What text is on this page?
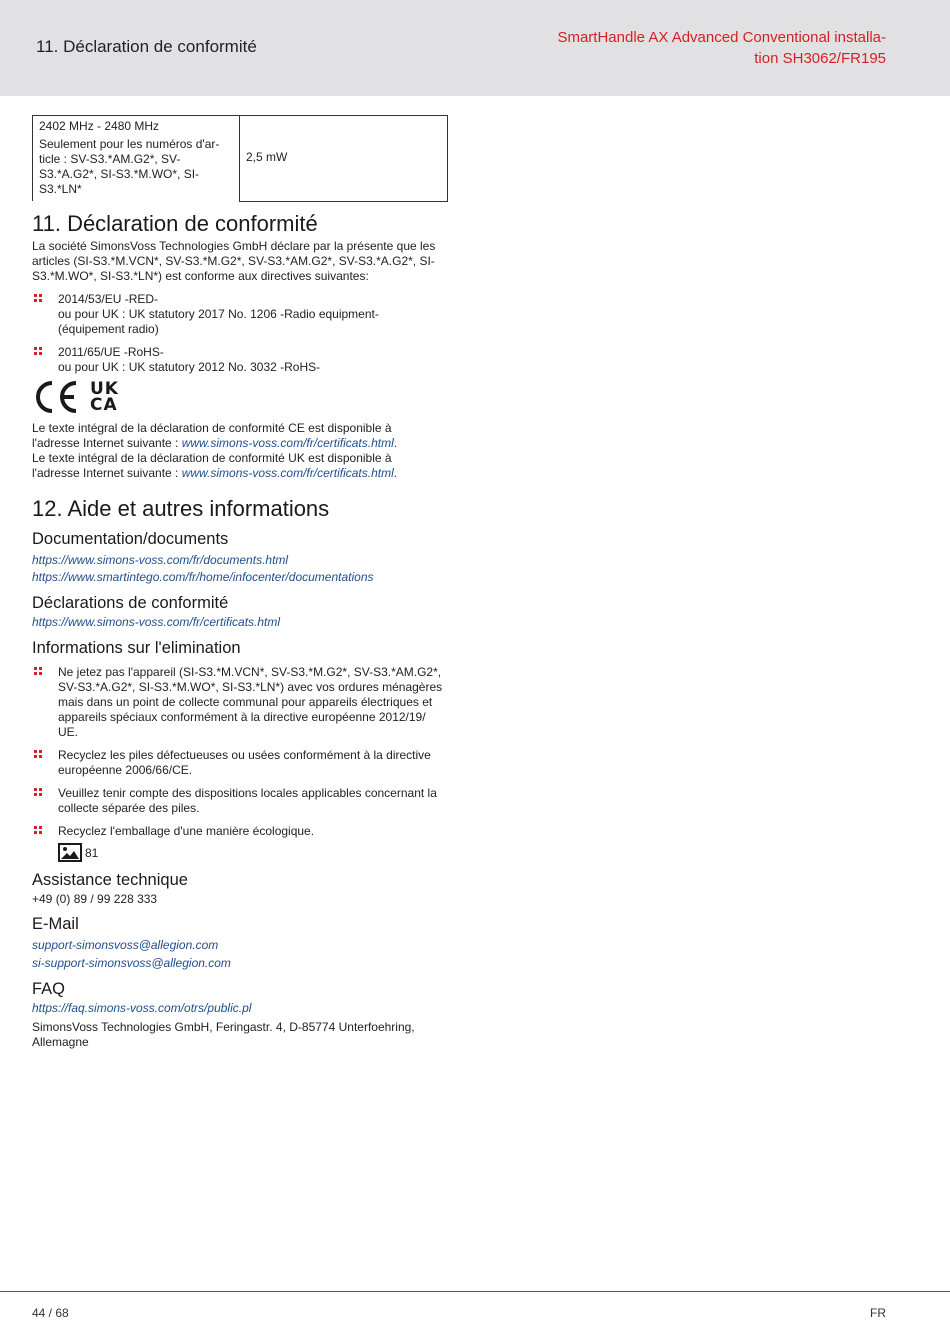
11. Déclaration de conformité	SmartHandle AX Advanced Conventional installa-
tion SH3062/FR195
2402 MHz - 2480 MHz
Seulement pour les numéros d'ar-
ticle : SV-S3.*AM.G2*, SV-
S3.*A.G2*, SI-S3.*M.WO*, SI-
S3.*LN*
	2,5 mW
11. Déclaration de conformité

La société SimonsVoss Technologies GmbH déclare par la présente que les
articles (SI-S3.*M.VCN*, SV-S3.*M.G2*, SV-S3.*AM.G2*, SV-S3.*A.G2*, SI-
S3.*M.WO*, SI-S3.*LN*) est conforme aux directives suivantes:

2014/53/EU -RED-
ou pour UK : UK statutory 2017 No. 1206 -Radio equipment-
(équipement radio)
2011/65/UE -RoHS-
ou pour UK : UK statutory 2012 No. 3032 -RoHS-
UK
CA

Le texte intégral de la déclaration de conformité CE est disponible à
l'adresse Internet suivante : www.simons-voss.com/fr/certificats.html.
Le texte intégral de la déclaration de conformité UK est disponible à
l'adresse Internet suivante : www.simons-voss.com/fr/certificats.html.

12. Aide et autres informations
Documentation/documents

https://www.simons-voss.com/fr/documents.html
https://www.smartintego.com/fr/home/infocenter/documentations

Déclarations de conformité

https://www.simons-voss.com/fr/certificats.html

Informations sur l'elimination
Ne jetez pas l'appareil (SI-S3.*M.VCN*, SV-S3.*M.G2*, SV-S3.*AM.G2*,
SV-S3.*A.G2*, SI-S3.*M.WO*, SI-S3.*LN*) avec vos ordures ménagères
mais dans un point de collecte communal pour appareils électriques et
appareils spéciaux conformément à la directive européenne 2012/19/
UE.
Recyclez les piles défectueuses ou usées conformément à la directive
européenne 2006/66/CE.
Veuillez tenir compte des dispositions locales applicables concernant la
collecte séparée des piles.
Recyclez l'emballage d'une manière écologique.
81
Assistance technique

+49 (0) 89 / 99 228 333

E-Mail

support-simonsvoss@allegion.com
si-support-simonsvoss@allegion.com

FAQ

https://faq.simons-voss.com/otrs/public.pl

SimonsVoss Technologies GmbH, Feringastr. 4, D-85774 Unterfoehring,
Allemagne

44 / 68	FR
